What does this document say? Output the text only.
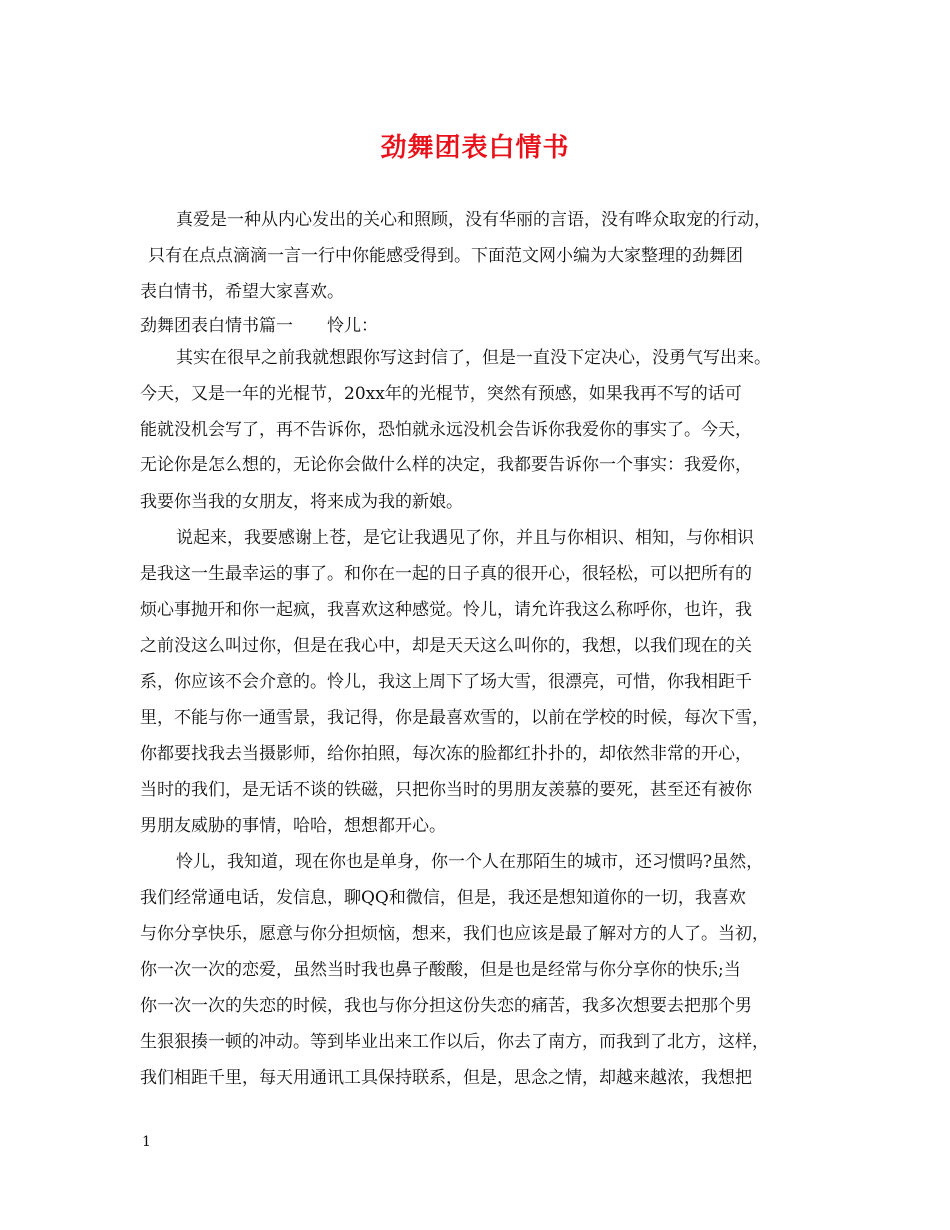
劲舞团表白情书
真爱是一种从内心发出的关心和照顾，没有华丽的言语，没有哗众取宠的行动，
只有在点点滴滴一言一行中你能感受得到。下面范文网小编为大家整理的劲舞团
表白情书，希望大家喜欢。
劲舞团表白情书篇一　　怜儿：
其实在很早之前我就想跟你写这封信了，但是一直没下定决心，没勇气写出来。
今天，又是一年的光棍节，20xx年的光棍节，突然有预感，如果我再不写的话可
能就没机会写了，再不告诉你，恐怕就永远没机会告诉你我爱你的事实了。今天，
无论你是怎么想的，无论你会做什么样的决定，我都要告诉你一个事实：我爱你，
我要你当我的女朋友，将来成为我的新娘。
说起来，我要感谢上苍，是它让我遇见了你，并且与你相识、相知，与你相识
是我这一生最幸运的事了。和你在一起的日子真的很开心，很轻松，可以把所有的
烦心事抛开和你一起疯，我喜欢这种感觉。怜儿，请允许我这么称呼你，也许，我
之前没这么叫过你，但是在我心中，却是天天这么叫你的，我想，以我们现在的关
系，你应该不会介意的。怜儿，我这上周下了场大雪，很漂亮，可惜，你我相距千
里，不能与你一通雪景，我记得，你是最喜欢雪的，以前在学校的时候，每次下雪，
你都要找我去当摄影师，给你拍照，每次冻的脸都红扑扑的，却依然非常的开心，
当时的我们，是无话不谈的铁磁，只把你当时的男朋友羡慕的要死，甚至还有被你
男朋友威胁的事情，哈哈，想想都开心。
怜儿，我知道，现在你也是单身，你一个人在那陌生的城市，还习惯吗?虽然，
我们经常通电话，发信息，聊QQ和微信，但是，我还是想知道你的一切，我喜欢
与你分享快乐，愿意与你分担烦恼，想来，我们也应该是最了解对方的人了。当初，
你一次一次的恋爱，虽然当时我也鼻子酸酸，但是也是经常与你分享你的快乐;当
你一次一次的失恋的时候，我也与你分担这份失恋的痛苦，我多次想要去把那个男
生狠狠揍一顿的冲动。等到毕业出来工作以后，你去了南方，而我到了北方，这样，
我们相距千里，每天用通讯工具保持联系，但是，思念之情，却越来越浓，我想把
1
